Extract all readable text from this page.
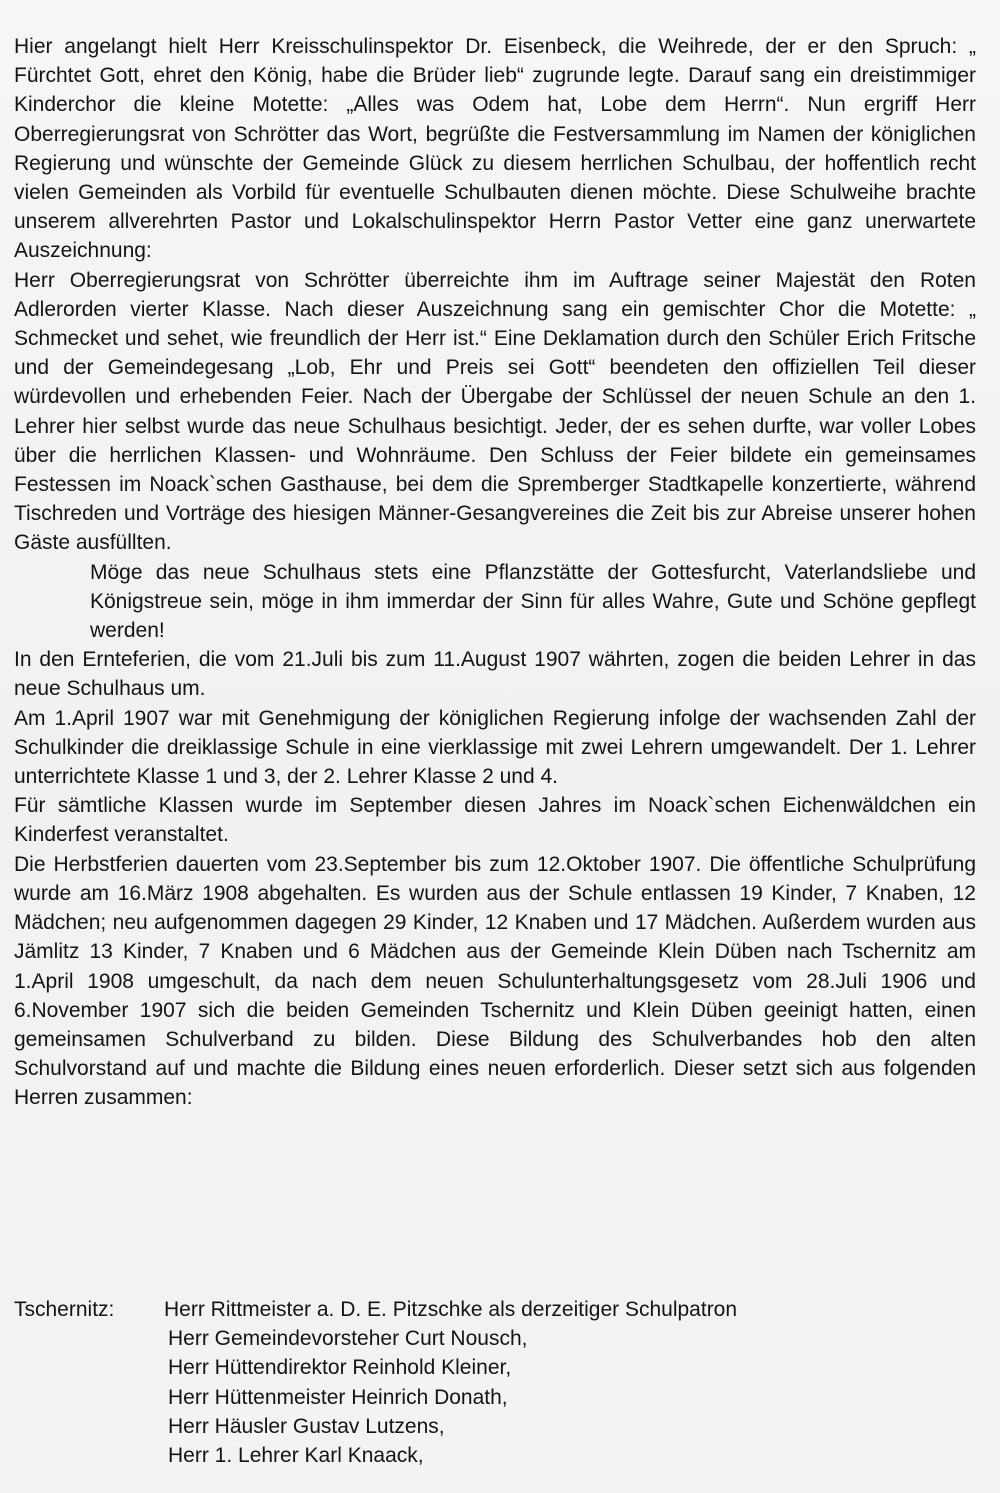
Hier angelangt hielt Herr Kreisschulinspektor Dr. Eisenbeck, die Weihrede, der er den Spruch: „ Fürchtet Gott, ehret den König, habe die Brüder lieb“ zugrunde legte. Darauf sang ein dreistimmiger Kinderchor die kleine Motette: „Alles was Odem hat, Lobe dem Herrn“. Nun ergriff Herr Oberregierungsrat von Schrötter das Wort, begrüßte die Festversammlung im Namen der königlichen Regierung und wünschte der Gemeinde Glück zu diesem herrlichen Schulbau, der hoffentlich recht vielen Gemeinden als Vorbild für eventuelle Schulbauten dienen möchte. Diese Schulweihe brachte unserem allverehrten Pastor und Lokalschulinspektor Herrn Pastor Vetter eine ganz unerwartete Auszeichnung:

Herr Oberregierungsrat von Schrötter überreichte ihm im Auftrage seiner Majestät den Roten Adlerorden vierter Klasse. Nach dieser Auszeichnung sang ein gemischter Chor die Motette: „ Schmecket und sehet, wie freundlich der Herr ist.“ Eine Deklamation durch den Schüler Erich Fritsche und der Gemeindegesang „Lob, Ehr und Preis sei Gott“ beendeten den offiziellen Teil dieser würdevollen und erhebenden Feier. Nach der Übergabe der Schlüssel der neuen Schule an den 1. Lehrer hier selbst wurde das neue Schulhaus besichtigt. Jeder, der es sehen durfte, war voller Lobes über die herrlichen Klassen- und Wohnräume. Den Schluss der Feier bildete ein gemeinsames Festessen im Noack`schen Gasthause, bei dem die Spremberger Stadtkapelle konzertierte, während Tischreden und Vorträge des hiesigen Männer-Gesangvereines die Zeit bis zur Abreise unserer hohen Gäste ausfüllten.

Möge das neue Schulhaus stets eine Pflanzstätte der Gottesfurcht, Vaterlandsliebe und Königstreue sein, möge in ihm immerdar der Sinn für alles Wahre, Gute und Schöne gepflegt werden!

In den Ernteferien, die vom 21.Juli bis zum 11.August 1907 währten, zogen die beiden Lehrer in das neue Schulhaus um.

Am 1.April 1907 war mit Genehmigung der königlichen Regierung infolge der wachsenden Zahl der Schulkinder die dreiklassige Schule in eine vierklassige mit zwei Lehrern umgewandelt. Der 1. Lehrer unterrichtete Klasse 1 und 3, der 2. Lehrer Klasse 2 und 4.

Für sämtliche Klassen wurde im September diesen Jahres im Noack`schen Eichenwäldchen ein Kinderfest veranstaltet.

Die Herbstferien dauerten vom 23.September bis zum 12.Oktober 1907. Die öffentliche Schulprüfung wurde am 16.März 1908 abgehalten. Es wurden aus der Schule entlassen 19 Kinder, 7 Knaben, 12 Mädchen; neu aufgenommen dagegen 29 Kinder, 12 Knaben und 17 Mädchen. Außerdem wurden aus Jämlitz 13 Kinder, 7 Knaben und 6 Mädchen aus der Gemeinde Klein Düben nach Tschernitz am 1.April 1908 umgeschult, da nach dem neuen Schulunterhaltungsgesetz vom 28.Juli 1906 und 6.November 1907 sich die beiden Gemeinden Tschernitz und Klein Düben geeinigt hatten, einen gemeinsamen Schulverband zu bilden. Diese Bildung des Schulverbandes hob den alten Schulvorstand auf und machte die Bildung eines neuen erforderlich. Dieser setzt sich aus folgenden Herren zusammen:

Tschernitz:	Herr Rittmeister a. D. E. Pitzschke als derzeitiger Schulpatron
Herr Gemeindevorsteher Curt Nousch,
Herr Hüttendirektor Reinhold Kleiner,
Herr Hüttenmeister Heinrich Donath,
Herr Häusler Gustav Lutzens,
Herr 1. Lehrer Karl Knaack,
